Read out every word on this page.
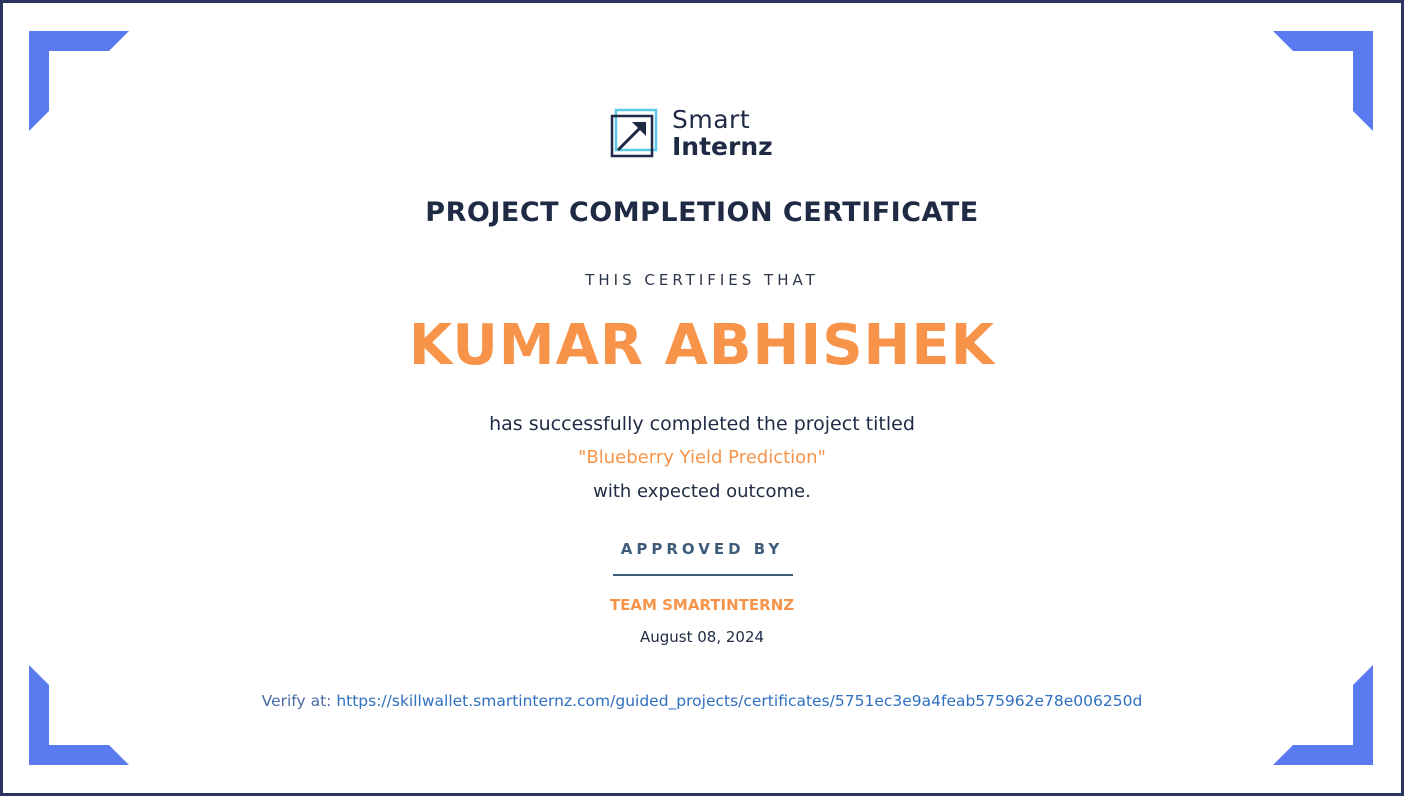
Smart
Internz
PROJECT COMPLETION CERTIFICATE
THIS CERTIFIES THAT
KUMAR ABHISHEK
has successfully completed the project titled
"Blueberry Yield Prediction"
with expected outcome.
APPROVED BY
TEAM SMARTINTERNZ
August 08, 2024
Verify at: https://skillwallet.smartinternz.com/guided_projects/certificates/5751ec3e9a4feab575962e78e006250d
